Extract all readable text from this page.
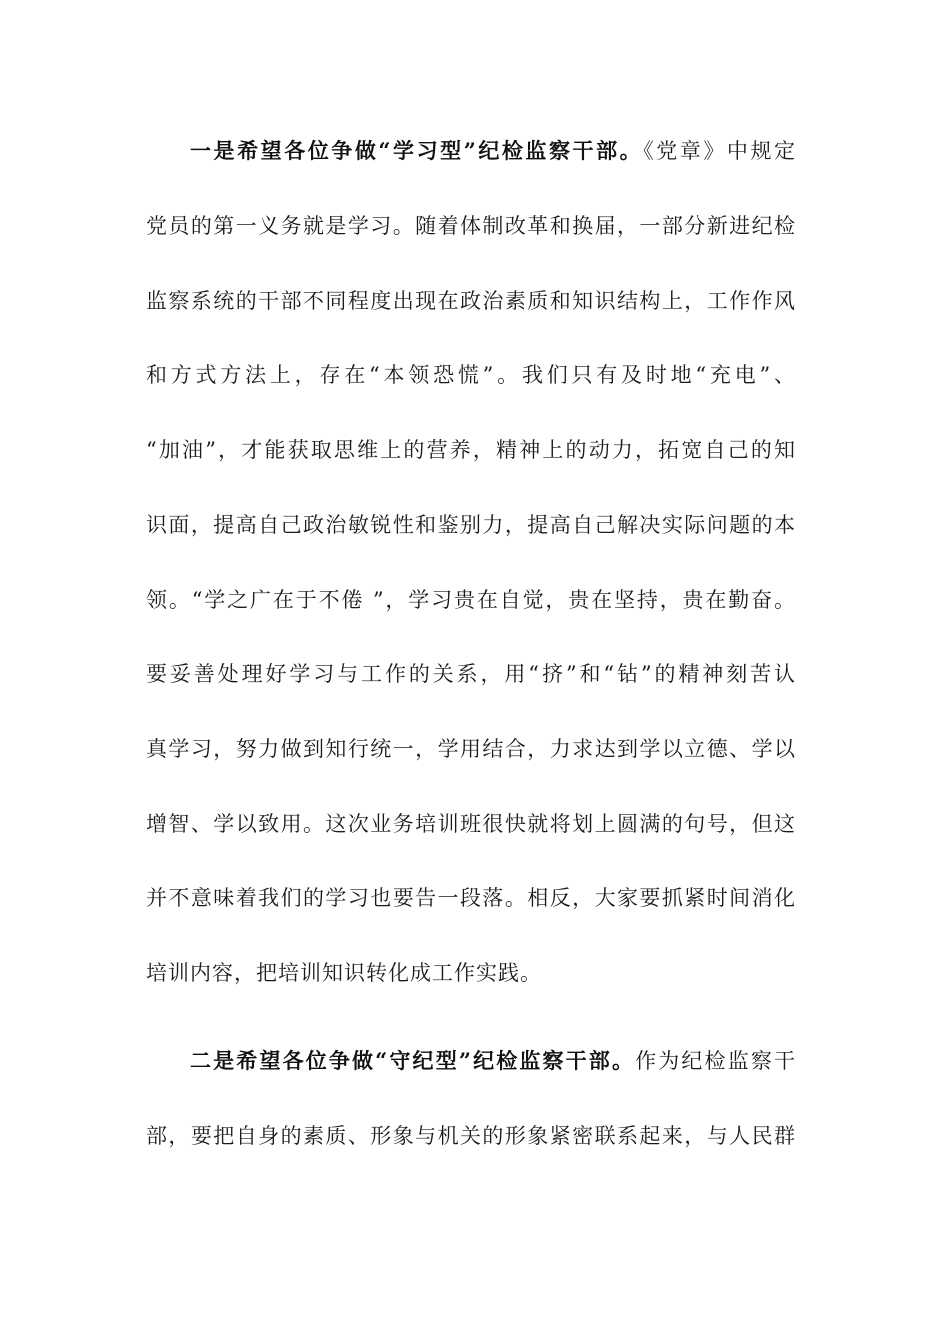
一是希望各位争做“学习型”纪检监察干部。《党章》中规定
党员的第一义务就是学习。随着体制改革和换届，一部分新进纪检
监察系统的干部不同程度出现在政治素质和知识结构上，工作作风
和方式方法上，存在“本领恐慌”。我们只有及时地“充电”、
“加油”，才能获取思维上的营养，精神上的动力，拓宽自己的知
识面，提高自己政治敏锐性和鉴别力，提高自己解决实际问题的本
领。“学之广在于不倦 ”，学习贵在自觉，贵在坚持，贵在勤奋。
要妥善处理好学习与工作的关系，用“挤”和“钻”的精神刻苦认
真学习，努力做到知行统一，学用结合，力求达到学以立德、学以
增智、学以致用。这次业务培训班很快就将划上圆满的句号，但这
并不意味着我们的学习也要告一段落。相反，大家要抓紧时间消化
培训内容，把培训知识转化成工作实践。
二是希望各位争做“守纪型”纪检监察干部。作为纪检监察干
部，要把自身的素质、形象与机关的形象紧密联系起来，与人民群
